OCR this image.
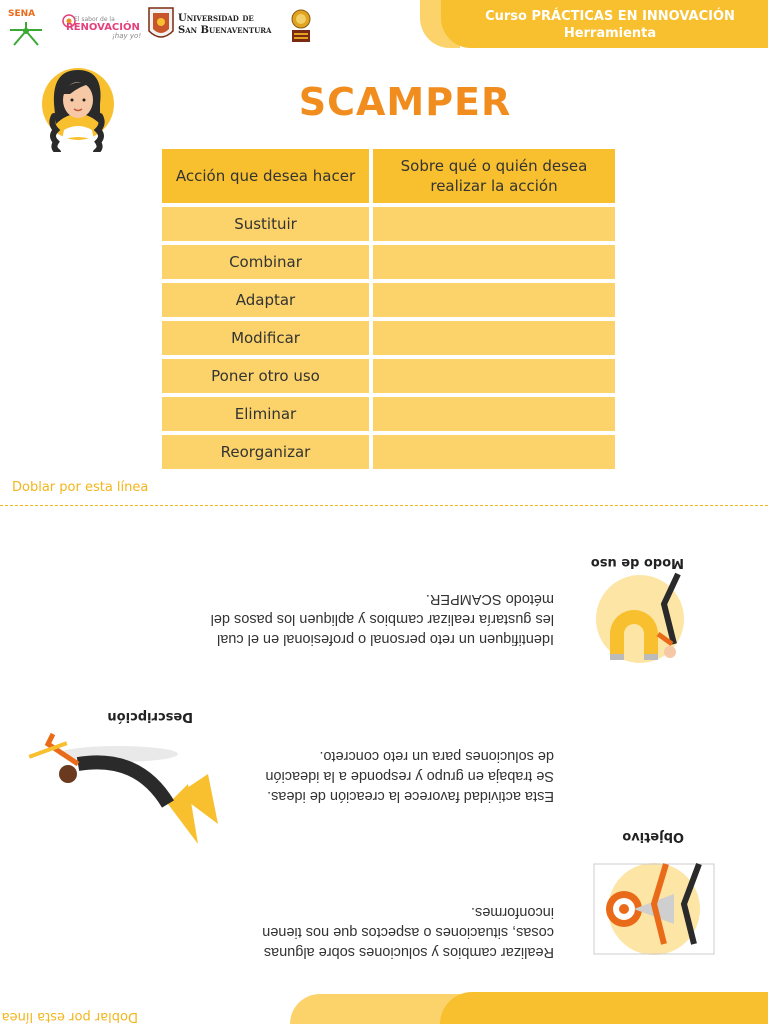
Curso PRÁCTICAS EN INNOVACIÓN
Herramienta
SENA
El sabor de la
RENOVACIÓN
¡hay yo!
Universidad de
San Buenaventura
SCAMPER
Acción que desea hacer
Sobre qué o quién desea realizar la acción
Sustituir
Combinar
Adaptar
Modificar
Poner otro uso
Eliminar
Reorganizar
Doblar por esta línea
Doblar por esta línea
Modo de uso
Identifiquen un reto personal o profesional en el cual les gustaría realizar cambios y apliquen los pasos del método SCAMPER.
Descripción
Esta actividad favorece la creación de ideas. Se trabaja en grupo y responde a la ideación de soluciones para un reto concreto.
Objetivo
Realizar cambios y soluciones sobre algunas cosas, situaciones o aspectos que nos tienen inconformes.
